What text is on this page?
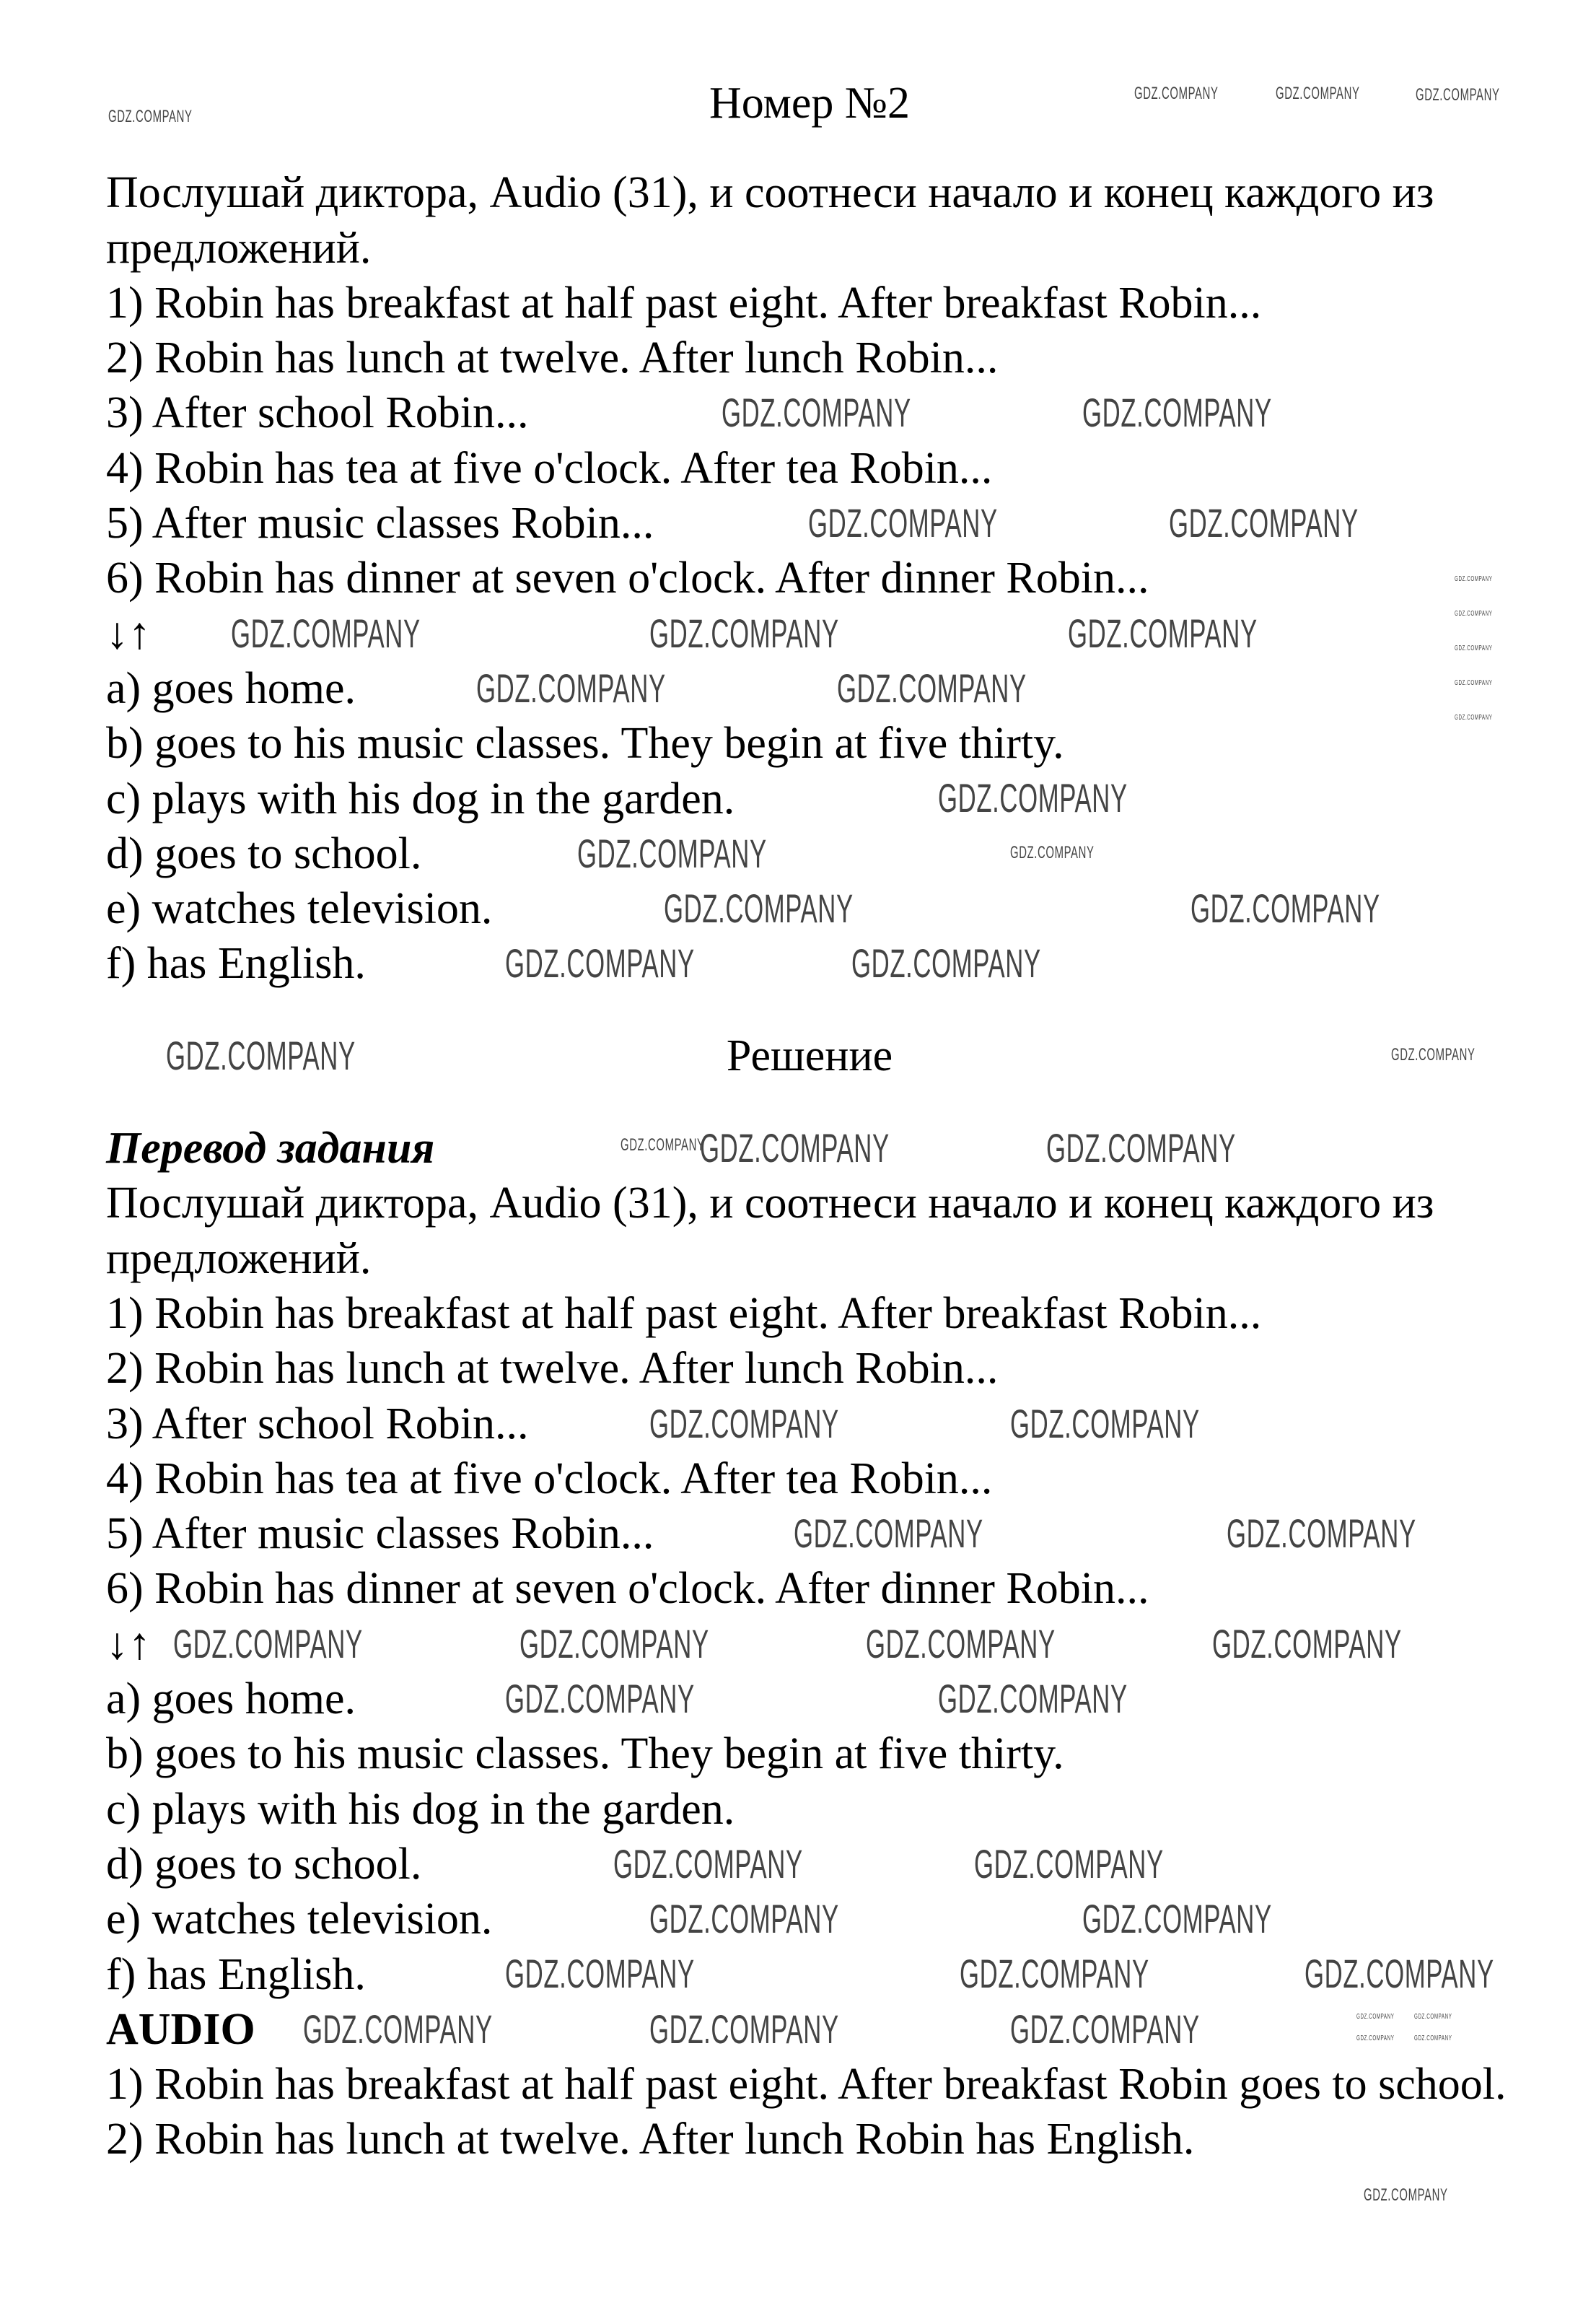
Номер №2
Послушай диктора, Audio (31), и соотнеси начало и конец каждого из предложений.
1) Robin has breakfast at half past eight. After breakfast Robin...
2) Robin has lunch at twelve. After lunch Robin...
3) After school Robin...
4) Robin has tea at five o'clock. After tea Robin...
5) After music classes Robin...
6) Robin has dinner at seven o'clock. After dinner Robin...
↓↑
a) goes home.
b) goes to his music classes. They begin at five thirty.
c) plays with his dog in the garden.
d) goes to school.
e) watches television.
f) has English.
Решение
Перевод задания
Послушай диктора, Audio (31), и соотнеси начало и конец каждого из предложений.
1) Robin has breakfast at half past eight. After breakfast Robin...
2) Robin has lunch at twelve. After lunch Robin...
3) After school Robin...
4) Robin has tea at five o'clock. After tea Robin...
5) After music classes Robin...
6) Robin has dinner at seven o'clock. After dinner Robin...
↓↑
a) goes home.
b) goes to his music classes. They begin at five thirty.
c) plays with his dog in the garden.
d) goes to school.
e) watches television.
f) has English.
AUDIO
1) Robin has breakfast at half past eight. After breakfast Robin goes to school.
2) Robin has lunch at twelve. After lunch Robin has English.
GDZ.COMPANY
GDZ.COMPANY	GDZ.COMPANY	GDZ.COMPANY
GDZ.COMPANY	GDZ.COMPANY
GDZ.COMPANY	GDZ.COMPANY
GDZ.COMPANY	GDZ.COMPANY	GDZ.COMPANY
GDZ.COMPANY	GDZ.COMPANY
GDZ.COMPANY
GDZ.COMPANY	GDZ.COMPANY
GDZ.COMPANY	GDZ.COMPANY
GDZ.COMPANY	GDZ.COMPANY
GDZ.COMPANY	GDZ.COMPANY
GDZ.COMPANY	GDZ.COMPANY
GDZ.COMPANY
GDZ.COMPANY	GDZ.COMPANY
GDZ.COMPANY	GDZ.COMPANY
GDZ.COMPANY	GDZ.COMPANY	GDZ.COMPANY	GDZ.COMPANY
GDZ.COMPANY	GDZ.COMPANY
GDZ.COMPANY	GDZ.COMPANY
GDZ.COMPANY	GDZ.COMPANY
GDZ.COMPANY	GDZ.COMPANY	GDZ.COMPANY
GDZ.COMPANY	GDZ.COMPANY	GDZ.COMPANY	GDZ.COMPANY	GDZ.COMPANY
GDZ.COMPANY	GDZ.COMPANY
GDZ.COMPANY
GDZ.COMPANY
GDZ.COMPANY
GDZ.COMPANY
GDZ.COMPANY
GDZ.COMPANY
